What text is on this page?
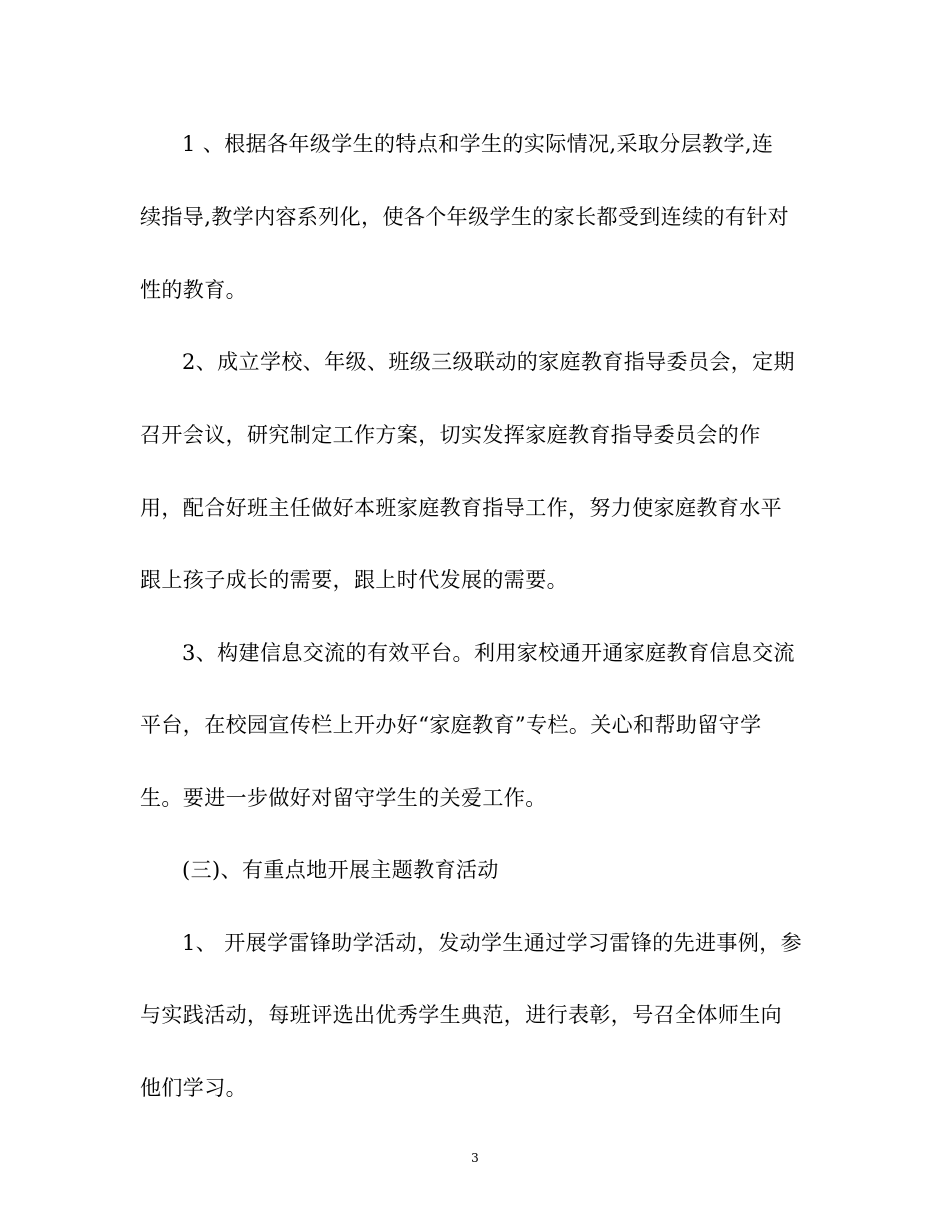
1 、根据各年级学生的特点和学生的实际情况,采取分层教学,连
续指导,教学内容系列化，使各个年级学生的家长都受到连续的有针对
性的教育。
2、成立学校、年级、班级三级联动的家庭教育指导委员会，定期
召开会议，研究制定工作方案，切实发挥家庭教育指导委员会的作
用，配合好班主任做好本班家庭教育指导工作，努力使家庭教育水平
跟上孩子成长的需要，跟上时代发展的需要。
3、构建信息交流的有效平台。利用家校通开通家庭教育信息交流
平台，在校园宣传栏上开办好“家庭教育”专栏。关心和帮助留守学
生。要进一步做好对留守学生的关爱工作。
(三)、有重点地开展主题教育活动
1、 开展学雷锋助学活动，发动学生通过学习雷锋的先进事例，参
与实践活动，每班评选出优秀学生典范，进行表彰，号召全体师生向
他们学习。
3
